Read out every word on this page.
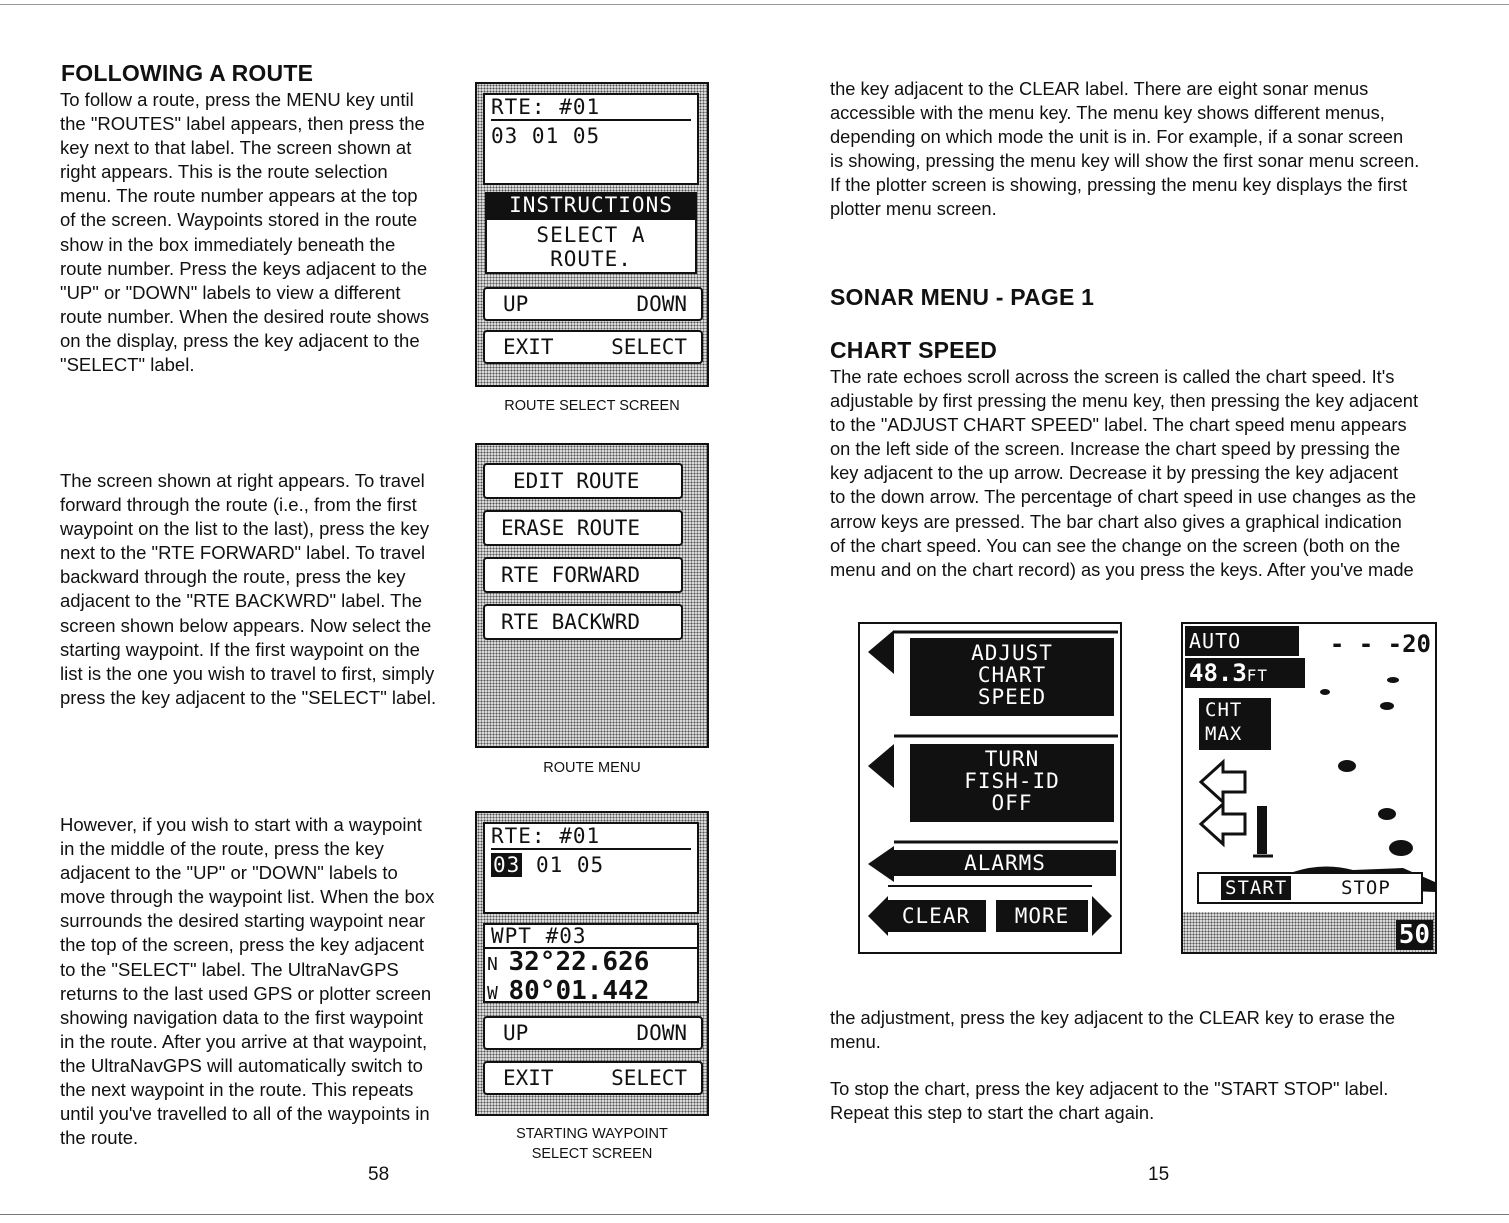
FOLLOWING A ROUTE
To follow a route, press the MENU key until
the "ROUTES" label appears, then press the
key next to that label. The screen shown at
right appears. This is the route selection
menu. The route number appears at the top
of the screen. Waypoints stored in the route
show in the box immediately beneath the
route number. Press the keys adjacent to the
"UP" or "DOWN" labels to view a different
route number. When the desired route shows
on the display, press the key adjacent to the
"SELECT" label.
The screen shown at right appears. To travel
forward through the route (i.e., from the first
waypoint on the list to the last), press the key
next to the "RTE FORWARD" label. To travel
backward through the route, press the key
adjacent to the "RTE BACKWRD" label. The
screen shown below appears. Now select the
starting waypoint. If the first waypoint on the
list is the one you wish to travel to first, simply
press the key adjacent to the "SELECT" label.
However, if you wish to start with a waypoint
in the middle of the route, press the key
adjacent to the "UP" or "DOWN" labels to
move through the waypoint list. When the box
surrounds the desired starting waypoint near
the top of the screen, press the key adjacent
to the "SELECT" label. The UltraNavGPS
returns to the last used GPS or plotter screen
showing navigation data to the first waypoint
in the route. After you arrive at that waypoint,
the UltraNavGPS will automatically switch to
the next waypoint in the route. This repeats
until you've travelled to all of the waypoints in
the route.
58
RTE: #01
03 01 05
INSTRUCTIONS
SELECT A
ROUTE.
UP	DOWN
EXIT	SELECT
ROUTE SELECT SCREEN
EDIT ROUTE
ERASE ROUTE
RTE FORWARD
RTE BACKWRD
ROUTE MENU
RTE: #01
03 01 05
WPT #03
N 32°22.626
W 80°01.442
UP	DOWN
EXIT	SELECT
STARTING WAYPOINT
SELECT SCREEN
the key adjacent to the CLEAR label. There are eight sonar menus
accessible with the menu key. The menu key shows different menus,
depending on which mode the unit is in. For example, if a sonar screen
is showing, pressing the menu key will show the first sonar menu screen.
If the plotter screen is showing, pressing the menu key displays the first
plotter menu screen.
SONAR MENU - PAGE 1
CHART SPEED
The rate echoes scroll across the screen is called the chart speed. It's
adjustable by first pressing the menu key, then pressing the key adjacent
to the "ADJUST CHART SPEED" label. The chart speed menu appears
on the left side of the screen. Increase the chart speed by pressing the
key adjacent to the up arrow. Decrease it by pressing the key adjacent
to the down arrow. The percentage of chart speed in use changes as the
arrow keys are pressed. The bar chart also gives a graphical indication
of the chart speed. You can see the change on the screen (both on the
menu and on the chart record) as you press the keys. After you've made
ADJUST
CHART
SPEED
TURN
FISH-ID
OFF
ALARMS
CLEAR	MORE
AUTO
48.3FT
- - -20
CHT
MAX
START	STOP
50
the adjustment, press the key adjacent to the CLEAR key to erase the
menu.
To stop the chart, press the key adjacent to the "START STOP" label.
Repeat this step to start the chart again.
15
